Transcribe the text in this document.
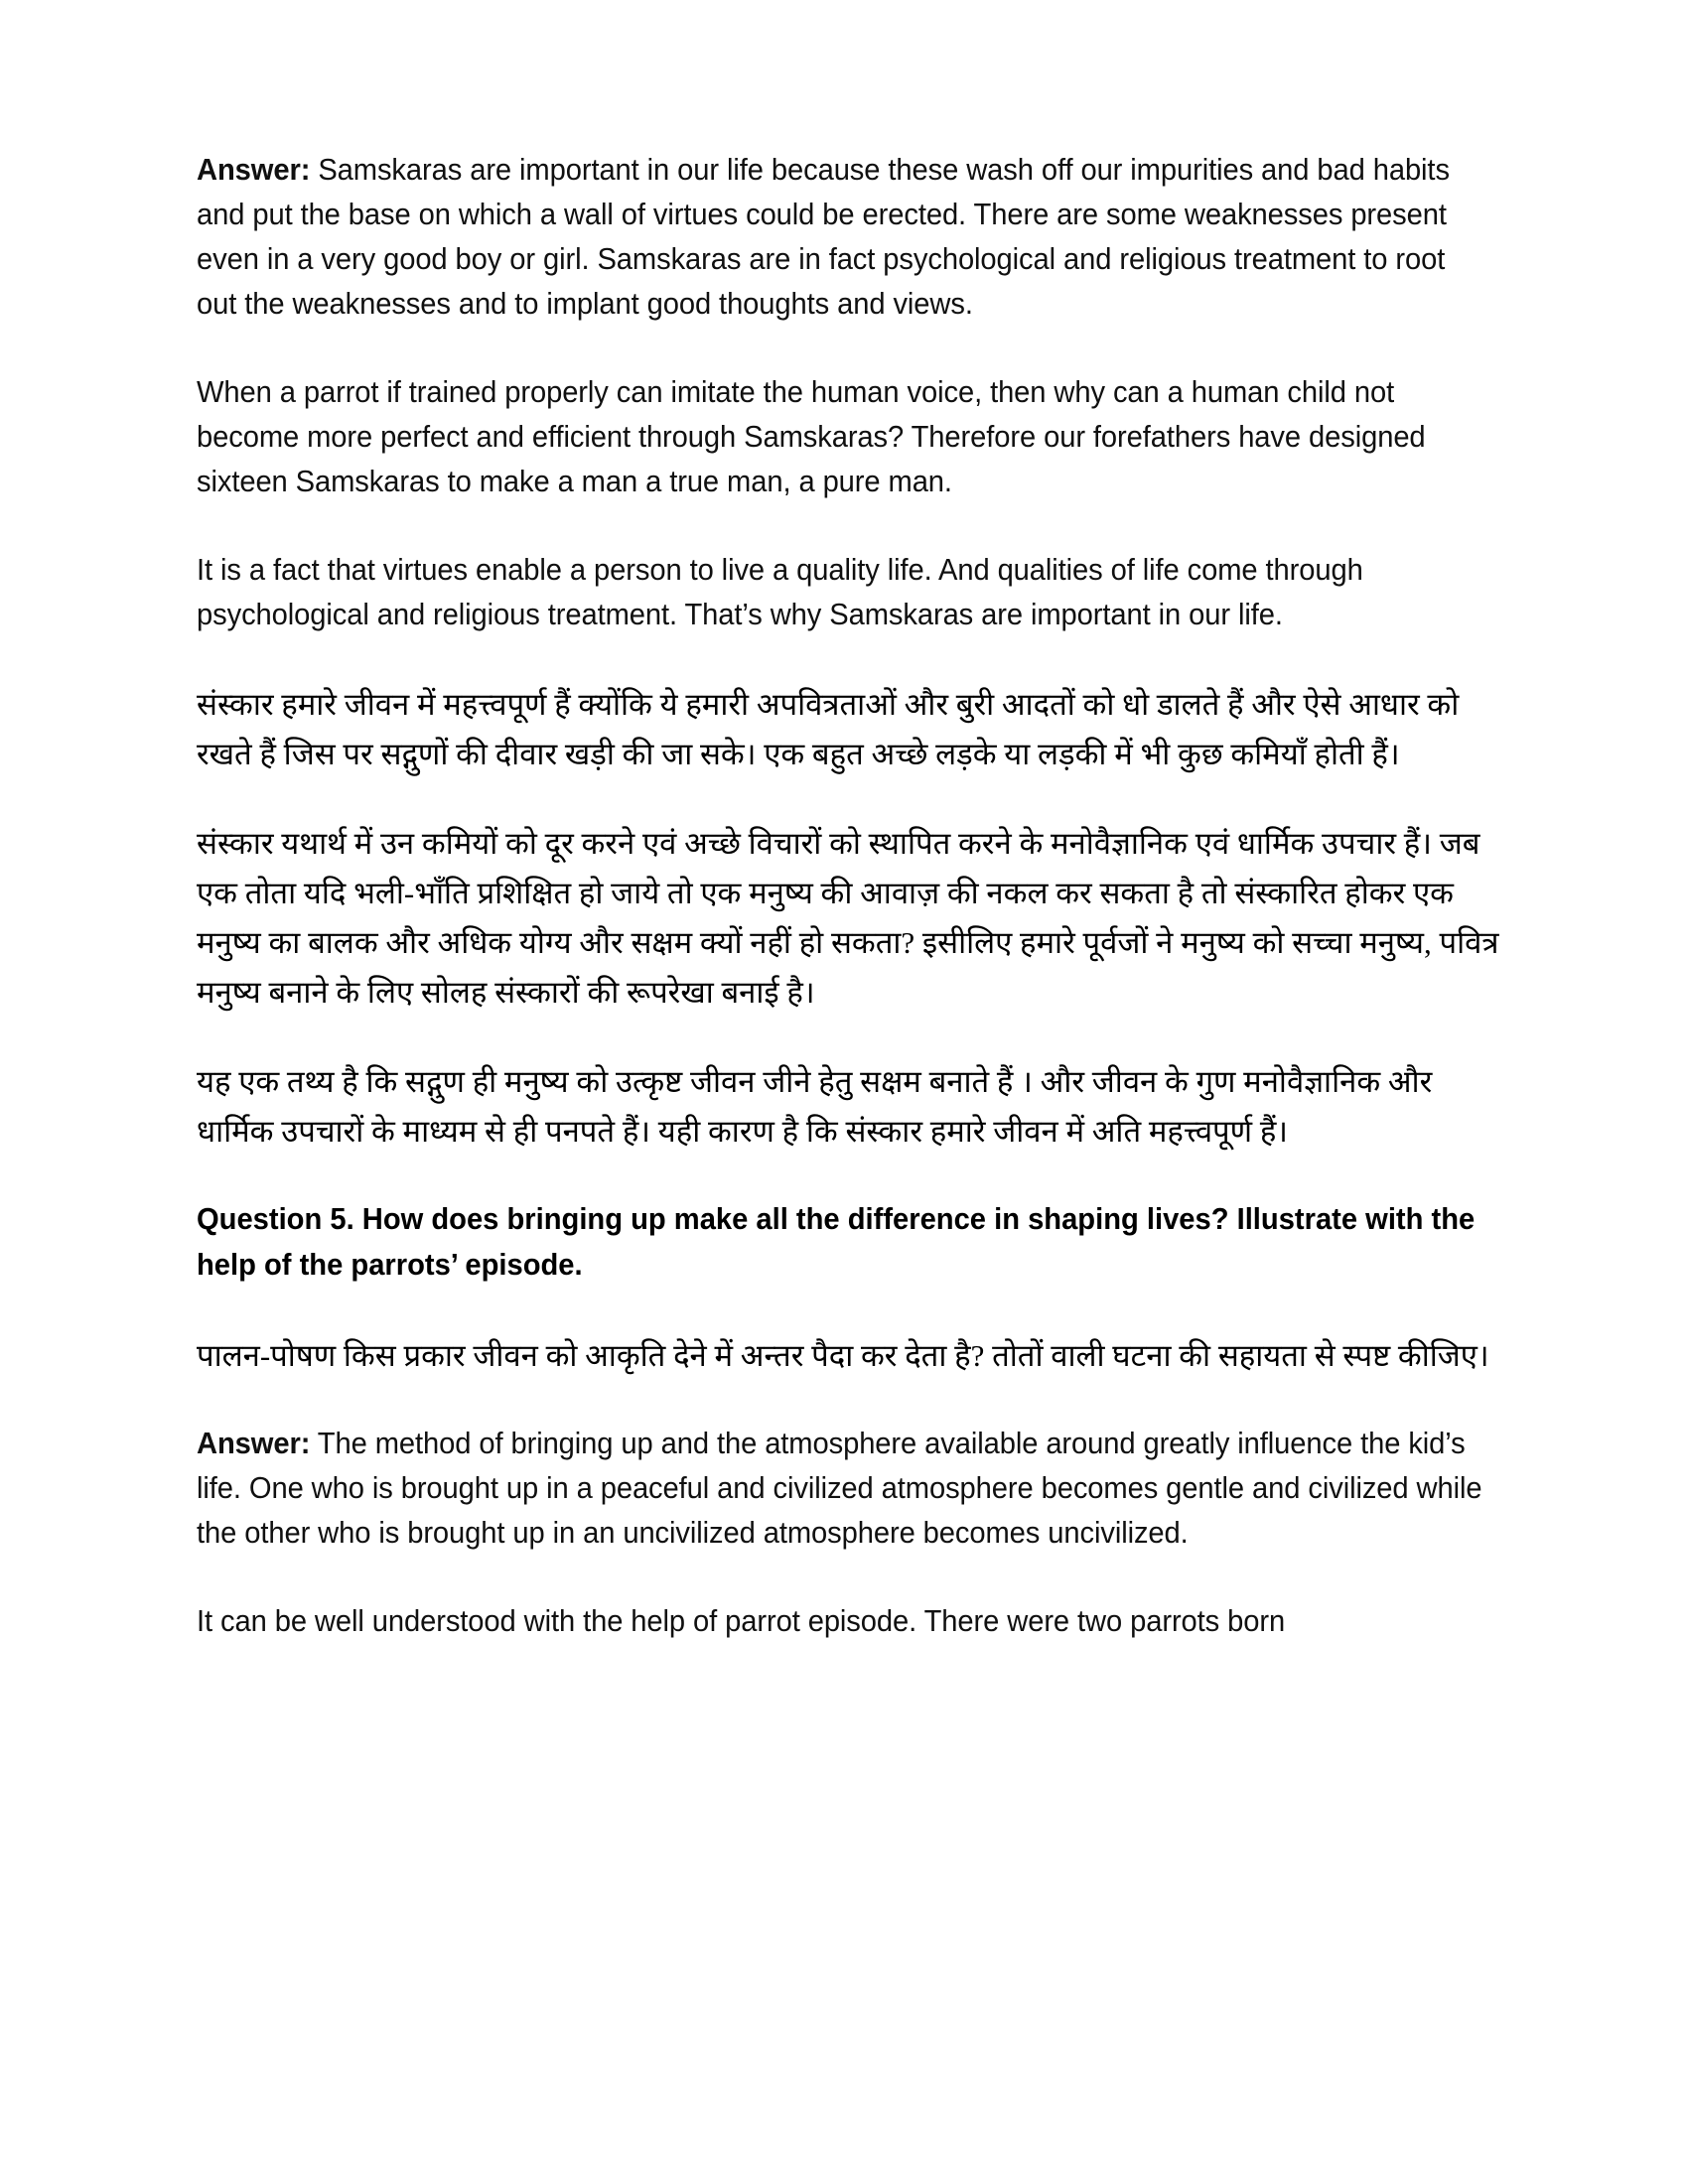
Answer: Samskaras are important in our life because these wash off our impurities and bad habits and put the base on which a wall of virtues could be erected. There are some weaknesses present even in a very good boy or girl. Samskaras are in fact psychological and religious treatment to root out the weaknesses and to implant good thoughts and views.

When a parrot if trained properly can imitate the human voice, then why can a human child not become more perfect and efficient through Samskaras? Therefore our forefathers have designed sixteen Samskaras to make a man a true man, a pure man.

It is a fact that virtues enable a person to live a quality life. And qualities of life come through psychological and religious treatment. That’s why Samskaras are important in our life.

संस्कार हमारे जीवन में महत्त्वपूर्ण हैं क्योंकि ये हमारी अपवित्रताओं और बुरी आदतों को धो डालते हैं और ऐसे आधार को रखते हैं जिस पर सद्गुणों की दीवार खड़ी की जा सके। एक बहुत अच्छे लड़के या लड़की में भी कुछ कमियाँ होती हैं।

संस्कार यथार्थ में उन कमियों को दूर करने एवं अच्छे विचारों को स्थापित करने के मनोवैज्ञानिक एवं धार्मिक उपचार हैं। जब एक तोता यदि भली-भाँति प्रशिक्षित हो जाये तो एक मनुष्य की आवाज़ की नकल कर सकता है तो संस्कारित होकर एक मनुष्य का बालक और अधिक योग्य और सक्षम क्यों नहीं हो सकता? इसीलिए हमारे पूर्वजों ने मनुष्य को सच्चा मनुष्य, पवित्र मनुष्य बनाने के लिए सोलह संस्कारों की रूपरेखा बनाई है।

यह एक तथ्य है कि सद्गुण ही मनुष्य को उत्कृष्ट जीवन जीने हेतु सक्षम बनाते हैं । और जीवन के गुण मनोवैज्ञानिक और धार्मिक उपचारों के माध्यम से ही पनपते हैं। यही कारण है कि संस्कार हमारे जीवन में अति महत्त्वपूर्ण हैं।

Question 5. How does bringing up make all the difference in shaping lives? Illustrate with the help of the parrots’ episode.

पालन-पोषण किस प्रकार जीवन को आकृति देने में अन्तर पैदा कर देता है? तोतों वाली घटना की सहायता से स्पष्ट कीजिए।

Answer: The method of bringing up and the atmosphere available around greatly influence the kid’s life. One who is brought up in a peaceful and civilized atmosphere becomes gentle and civilized while the other who is brought up in an uncivilized atmosphere becomes uncivilized.

It can be well understood with the help of parrot episode. There were two parrots born
